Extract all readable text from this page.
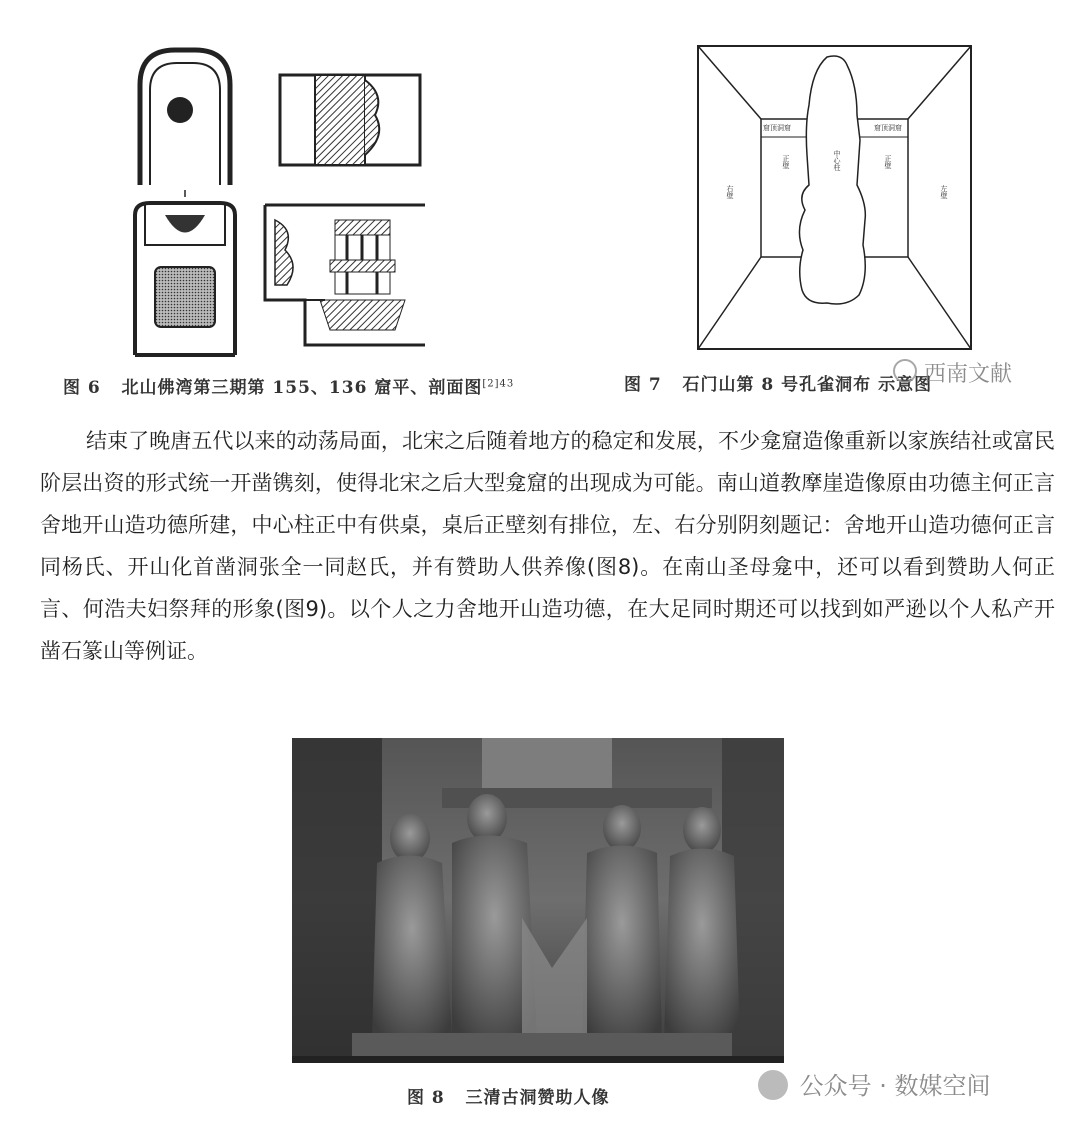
图 6 北山佛湾第三期第 155、136 窟平、剖面图$^{[2]43}$
窟顶洞窟	窟顶洞窟
正壁	中心柱	正壁
右壁	左壁
图 7 石门山第 8 号孔雀洞布 示意图
西南文献

结束了晚唐五代以来的动荡局面，北宋之后随着地方的稳定和发展，不少龛窟造像重新以家族结社或富民阶层出资的形式统一开凿镌刻，使得北宋之后大型龛窟的出现成为可能。南山道教摩崖造像原由功德主何正言舍地开山造功德所建，中心柱正中有供桌，桌后正壁刻有排位，左、右分别阴刻题记：舍地开山造功德何正言同杨氏、开山化首凿洞张全一同赵氏，并有赞助人供养像(图8)。在南山圣母龛中，还可以看到赞助人何正言、何浩夫妇祭拜的形象(图9)。以个人之力舍地开山造功德，在大足同时期还可以找到如严逊以个人私产开凿石篆山等例证。

图 8 三清古洞赞助人像	公众号 · 数媒空间
